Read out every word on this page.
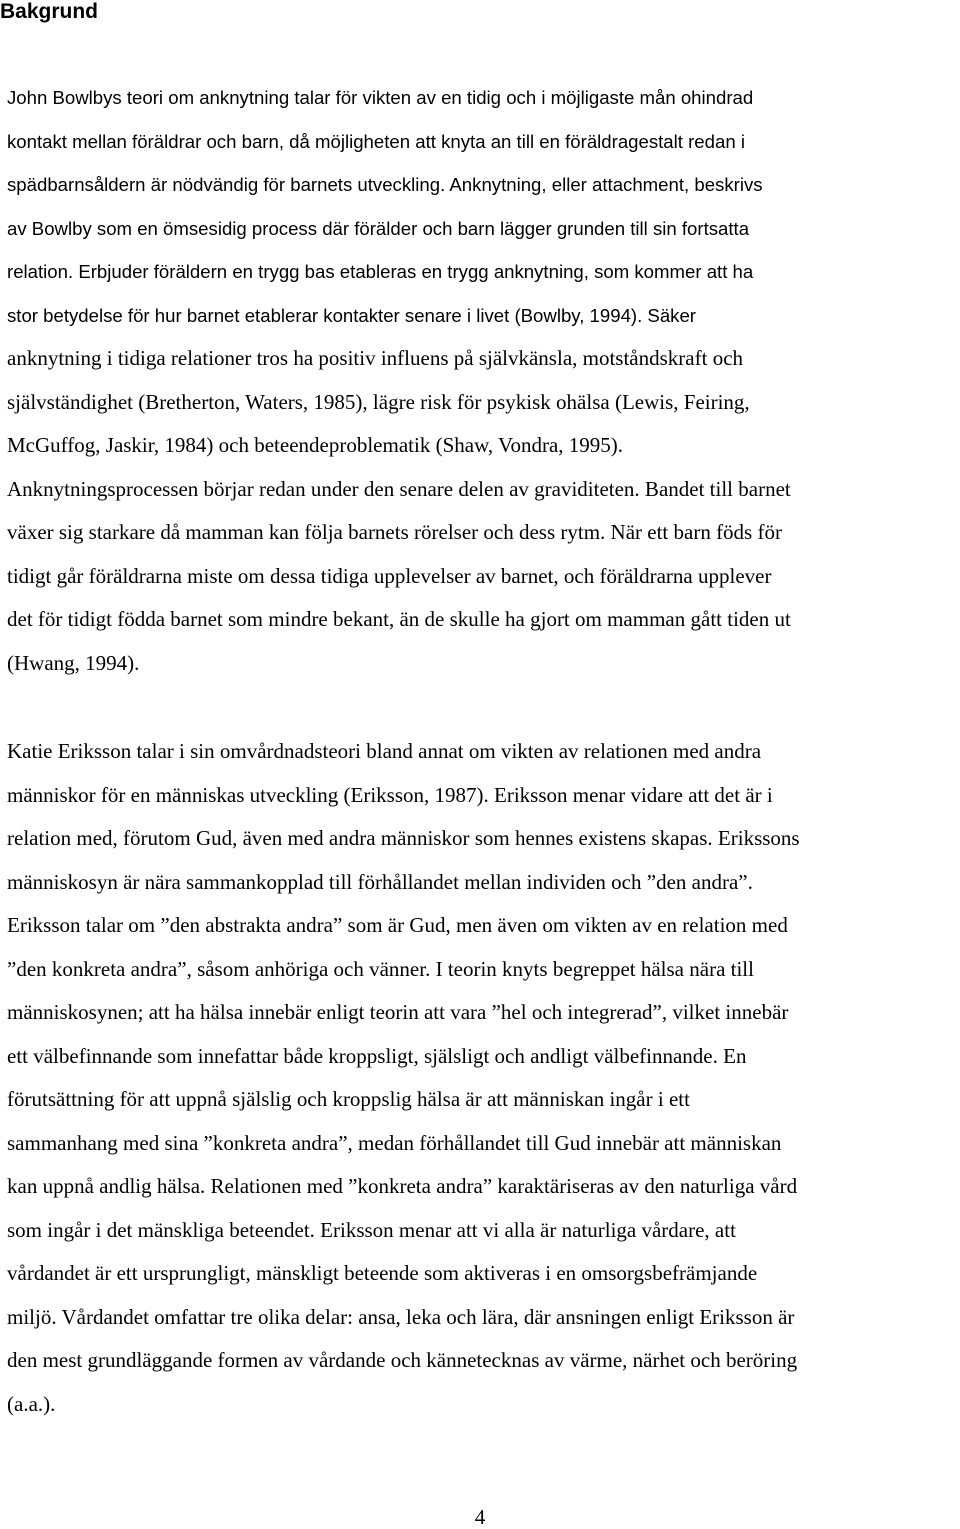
Bakgrund
John Bowlbys teori om anknytning talar för vikten av en tidig och i möjligaste mån ohindrad
kontakt mellan föräldrar och barn, då möjligheten att knyta an till en föräldragestalt redan i
spädbarnsåldern är nödvändig för barnets utveckling. Anknytning, eller attachment, beskrivs
av Bowlby som en ömsesidig process där förälder och barn lägger grunden till sin fortsatta
relation. Erbjuder föräldern en trygg bas etableras en trygg anknytning, som kommer att ha
stor betydelse för hur barnet etablerar kontakter senare i livet (Bowlby, 1994). Säker
anknytning i tidiga relationer tros ha positiv influens på självkänsla, motståndskraft och
självständighet (Bretherton, Waters, 1985), lägre risk för psykisk ohälsa (Lewis, Feiring,
McGuffog, Jaskir, 1984) och beteendeproblematik (Shaw, Vondra, 1995).
Anknytningsprocessen börjar redan under den senare delen av graviditeten. Bandet till barnet
växer sig starkare då mamman kan följa barnets rörelser och dess rytm. När ett barn föds för
tidigt går föräldrarna miste om dessa tidiga upplevelser av barnet, och föräldrarna upplever
det för tidigt födda barnet som mindre bekant, än de skulle ha gjort om mamman gått tiden ut
(Hwang, 1994).
Katie Eriksson talar i sin omvårdnadsteori bland annat om vikten av relationen med andra
människor för en människas utveckling (Eriksson, 1987). Eriksson menar vidare att det är i
relation med, förutom Gud, även med andra människor som hennes existens skapas. Erikssons
människosyn är nära sammankopplad till förhållandet mellan individen och ”den andra”.
Eriksson talar om ”den abstrakta andra” som är Gud, men även om vikten av en relation med
”den konkreta andra”, såsom anhöriga och vänner. I teorin knyts begreppet hälsa nära till
människosynen; att ha hälsa innebär enligt teorin att vara ”hel och integrerad”, vilket innebär
ett välbefinnande som innefattar både kroppsligt, själsligt och andligt välbefinnande. En
förutsättning för att uppnå själslig och kroppslig hälsa är att människan ingår i ett
sammanhang med sina ”konkreta andra”, medan förhållandet till Gud innebär att människan
kan uppnå andlig hälsa. Relationen med ”konkreta andra” karaktäriseras av den naturliga vård
som ingår i det mänskliga beteendet. Eriksson menar att vi alla är naturliga vårdare, att
vårdandet är ett ursprungligt, mänskligt beteende som aktiveras i en omsorgsbefrämjande
miljö. Vårdandet omfattar tre olika delar: ansa, leka och lära, där ansningen enligt Eriksson är
den mest grundläggande formen av vårdande och kännetecknas av värme, närhet och beröring
(a.a.).
4
